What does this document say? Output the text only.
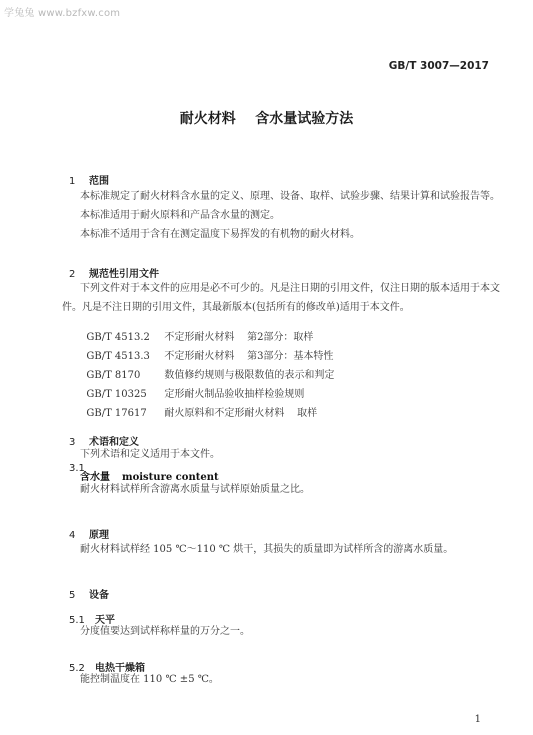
学兔兔 www.bzfxw.com
GB/T 3007—2017
耐火材料    含水量试验方法

1 范围

本标准规定了耐火材料含水量的定义、原理、设备、取样、试验步骤、结果计算和试验报告等。
本标准适用于耐火原料和产品含水量的测定。
本标准不适用于含有在测定温度下易挥发的有机物的耐火材料。

2 规范性引用文件

下列文件对于本文件的应用是必不可少的。凡是注日期的引用文件，仅注日期的版本适用于本文件。凡是不注日期的引用文件，其最新版本(包括所有的修改单)适用于本文件。

GB/T 4513.2 不定形耐火材料    第2部分：取样

GB/T 4513.3 不定形耐火材料    第3部分：基本特性

GB/T 8170 数值修约规则与极限数值的表示和判定

GB/T 10325 定形耐火制品验收抽样检验规则

GB/T 17617 耐火原料和不定形耐火材料    取样

3 术语和定义

下列术语和定义适用于本文件。

3.1

含水量 moisture content
耐火材料试样所含游离水质量与试样原始质量之比。

4 原理

耐火材料试样经 105 ℃～110 ℃ 烘干，其损失的质量即为试样所含的游离水质量。

5 设备

5.1 天平

分度值要达到试样称样量的万分之一。

5.2 电热干燥箱

能控制温度在 110 ℃ ±5 ℃。
1
